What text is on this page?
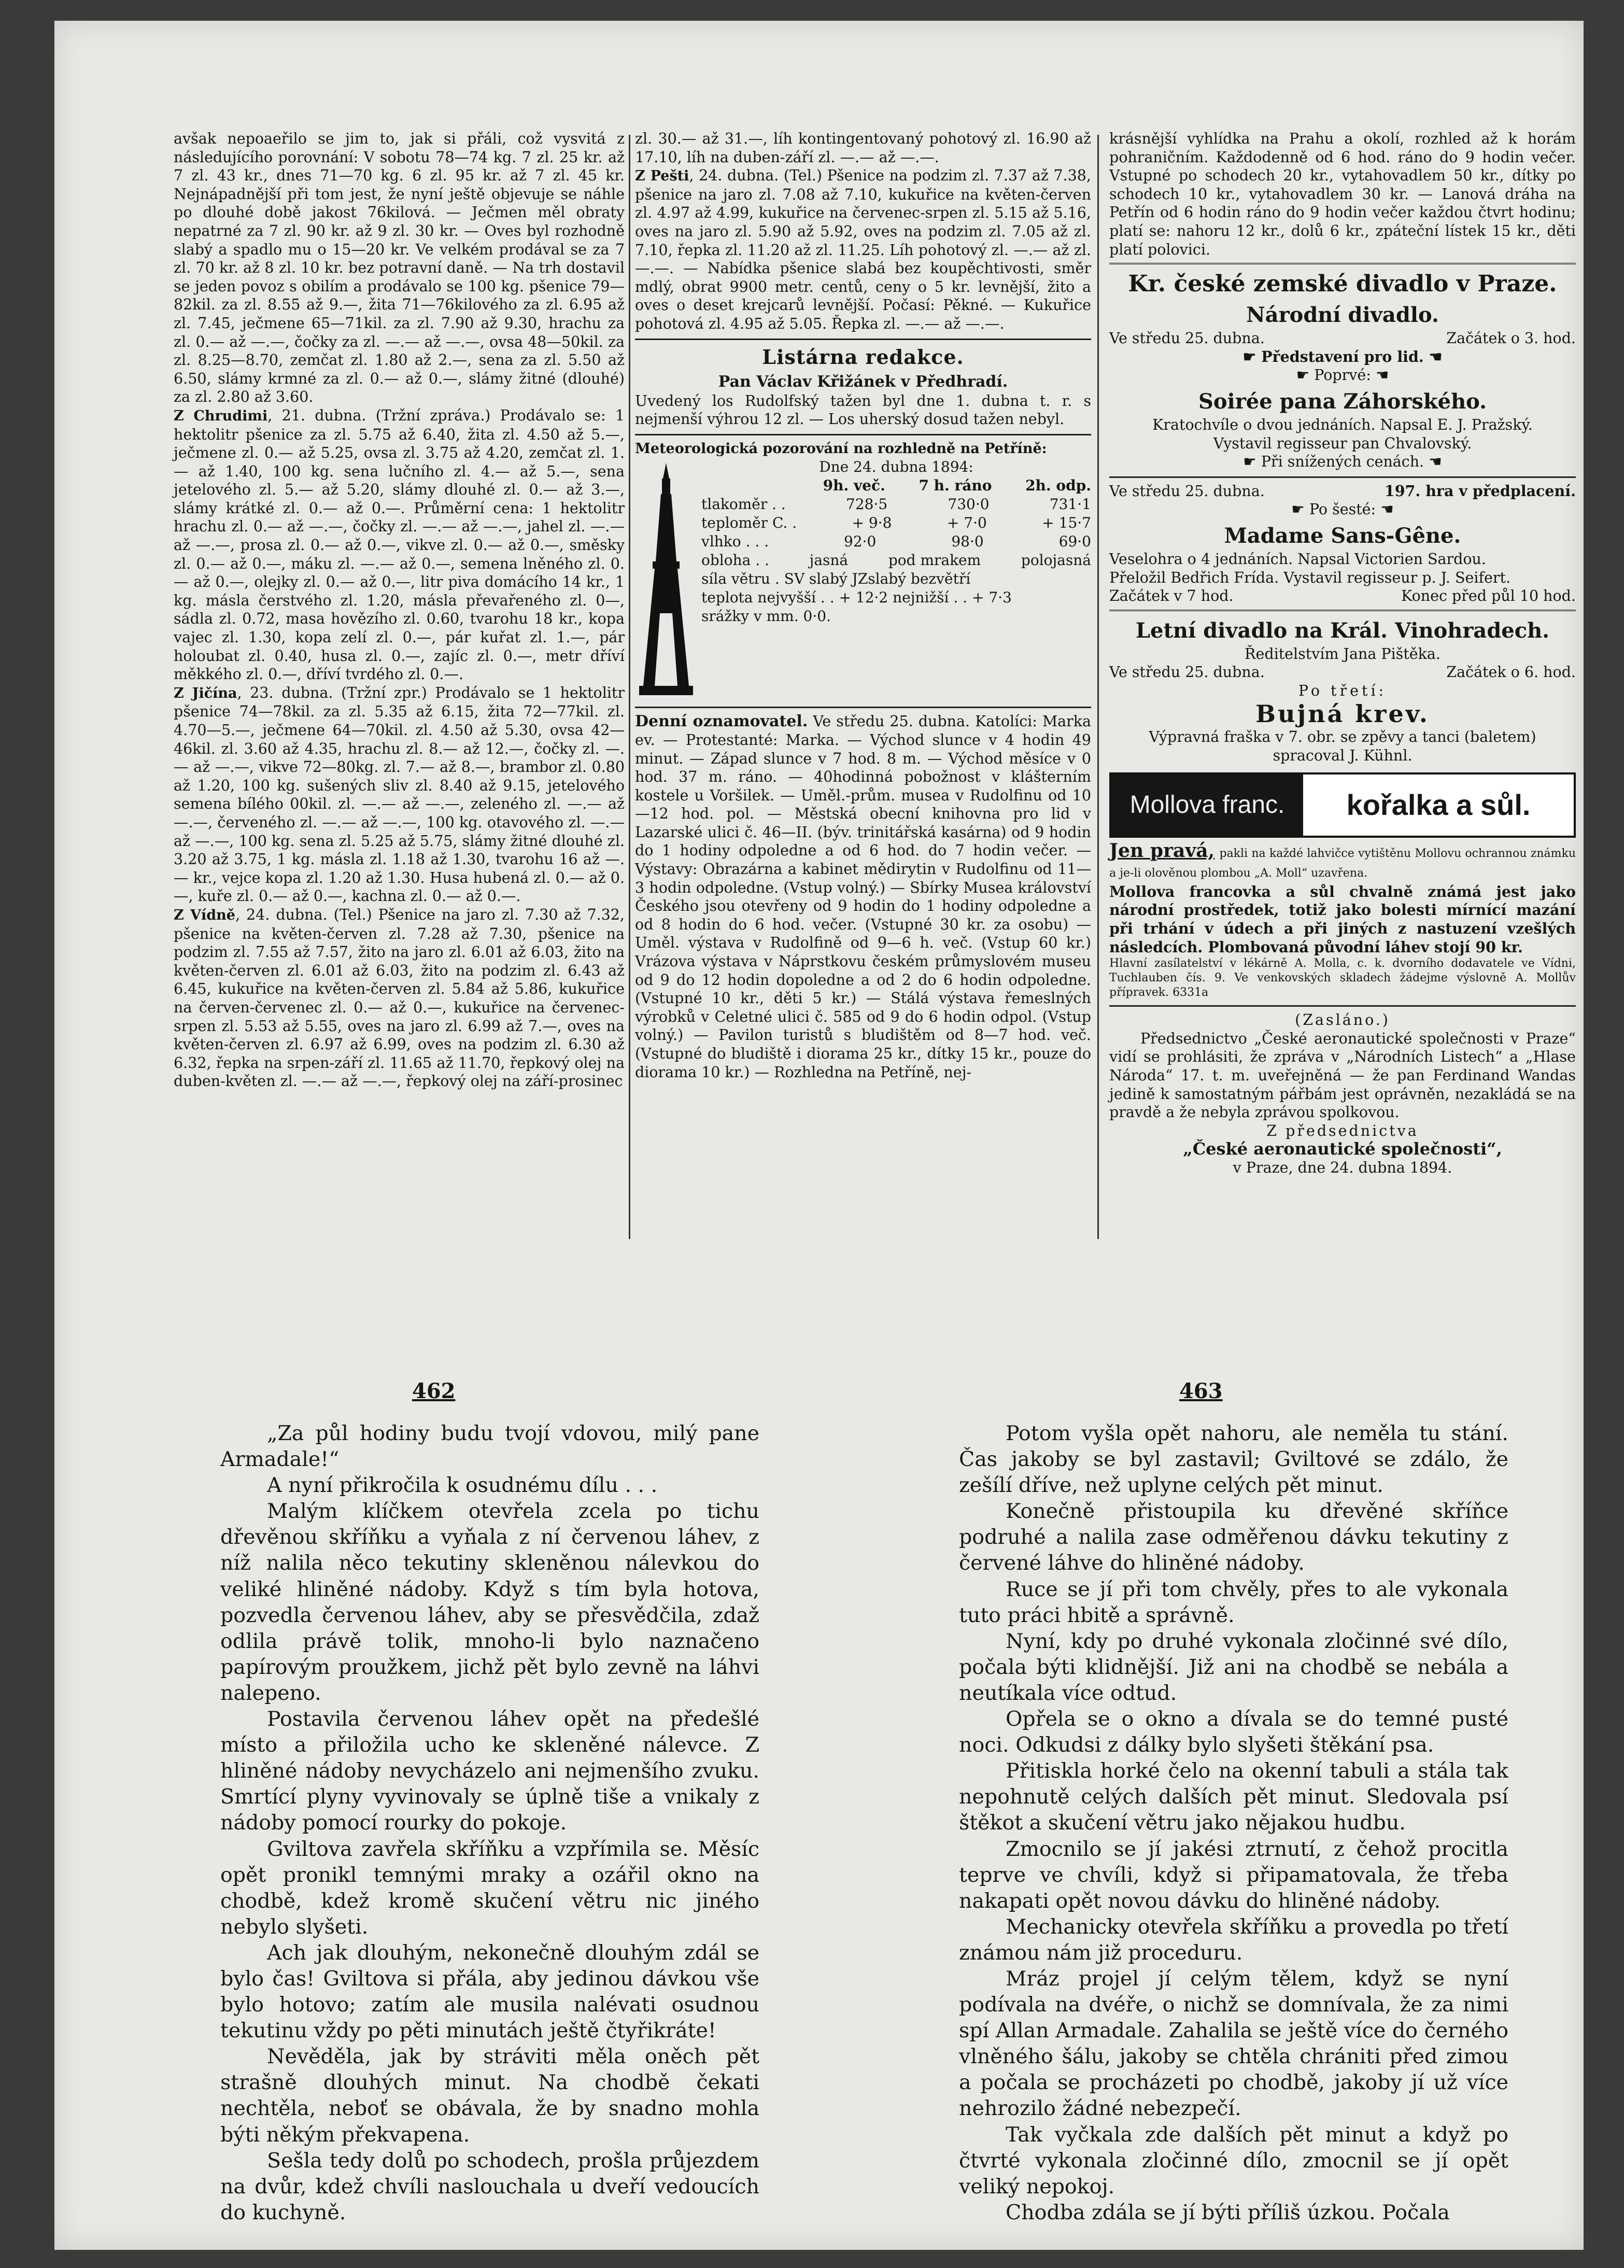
avšak nepoaeřilo se jim to, jak si přáli, což vysvitá z následujícího porovnání: V sobotu 78—74 kg. 7 zl. 25 kr. až 7 zl. 43 kr., dnes 71—70 kg. 6 zl. 95 kr. až 7 zl. 45 kr. Nejnápadnější při tom jest, že nyní ještě objevuje se náhle po dlouhé době jakost 76kilová. — Ječmen měl obraty nepatrné za 7 zl. 90 kr. až 9 zl. 30 kr. — Oves byl rozhodně slabý a spadlo mu o 15—20 kr. Ve velkém prodával se za 7 zl. 70 kr. až 8 zl. 10 kr. bez potravní daně. — Na trh dostavil se jeden povoz s obilím a prodávalo se 100 kg. pšenice 79—82kil. za zl. 8.55 až 9.—, žita 71—76kilového za zl. 6.95 až zl. 7.45, ječmene 65—71kil. za zl. 7.90 až 9.30, hrachu za zl. 0.— až —.—, čočky za zl. —.— až —.—, ovsa 48—50kil. za zl. 8.25—8.70, zemčat zl. 1.80 až 2.—, sena za zl. 5.50 až 6.50, slámy krmné za zl. 0.— až 0.—, slámy žitné (dlouhé) za zl. 2.80 až 3.60.

Z Chrudimi, 21. dubna. (Tržní zpráva.) Prodávalo se: 1 hektolitr pšenice za zl. 5.75 až 6.40, žita zl. 4.50 až 5.—, ječmene zl. 0.— až 5.25, ovsa zl. 3.75 až 4.20, zemčat zl. 1.— až 1.40, 100 kg. sena lučního zl. 4.— až 5.—, sena jetelového zl. 5.— až 5.20, slámy dlouhé zl. 0.— až 3.—, slámy krátké zl. 0.— až 0.—. Průměrní cena: 1 hektolitr hrachu zl. 0.— až —.—, čočky zl. —.— až —.—, jahel zl. —.— až —.—, prosa zl. 0.— až 0.—, vikve zl. 0.— až 0.—, směsky zl. 0.— až 0.—, máku zl. —.— až 0.—, semena lněného zl. 0.— až 0.—, olejky zl. 0.— až 0.—, litr piva domácího 14 kr., 1 kg. másla čerstvého zl. 1.20, másla převařeného zl. 0—, sádla zl. 0.72, masa hovězího zl. 0.60, tvarohu 18 kr., kopa vajec zl. 1.30, kopa zelí zl. 0.—, pár kuřat zl. 1.—, pár holoubat zl. 0.40, husa zl. 0.—, zajíc zl. 0.—, metr dříví měkkého zl. 0.—, dříví tvrdého zl. 0.—.

Z Jičína, 23. dubna. (Tržní zpr.) Prodávalo se 1 hektolitr pšenice 74—78kil. za zl. 5.35 až 6.15, žita 72—77kil. zl. 4.70—5.—, ječmene 64—70kil. zl. 4.50 až 5.30, ovsa 42—46kil. zl. 3.60 až 4.35, hrachu zl. 8.— až 12.—, čočky zl. —.— až —.—, vikve 72—80kg. zl. 7.— až 8.—, brambor zl. 0.80 až 1.20, 100 kg. sušených sliv zl. 8.40 až 9.15, jetelového semena bílého 00kil. zl. —.— až —.—, zeleného zl. —.— až —.—, červeného zl. —.— až —.—, 100 kg. otavového zl. —.— až —.—, 100 kg. sena zl. 5.25 až 5.75, slámy žitné dlouhé zl. 3.20 až 3.75, 1 kg. másla zl. 1.18 až 1.30, tvarohu 16 až —.— kr., vejce kopa zl. 1.20 až 1.30. Husa hubená zl. 0.— až 0.—, kuře zl. 0.— až 0.—, kachna zl. 0.— až 0.—.

Z Vídně, 24. dubna. (Tel.) Pšenice na jaro zl. 7.30 až 7.32, pšenice na květen-červen zl. 7.28 až 7.30, pšenice na podzim zl. 7.55 až 7.57, žito na jaro zl. 6.01 až 6.03, žito na květen-červen zl. 6.01 až 6.03, žito na podzim zl. 6.43 až 6.45, kukuřice na květen-červen zl. 5.84 až 5.86, kukuřice na červen-červenec zl. 0.— až 0.—, kukuřice na červenec-srpen zl. 5.53 až 5.55, oves na jaro zl. 6.99 až 7.—, oves na květen-červen zl. 6.97 až 6.99, oves na podzim zl. 6.30 až 6.32, řepka na srpen-září zl. 11.65 až 11.70, řepkový olej na duben-květen zl. —.— až —.—, řepkový olej na září-prosinec

zl. 30.— až 31.—, líh kontingentovaný pohotový zl. 16.90 až 17.10, líh na duben-září zl. —.— až —.—.

Z Pešti, 24. dubna. (Tel.) Pšenice na podzim zl. 7.37 až 7.38, pšenice na jaro zl. 7.08 až 7.10, kukuřice na květen-červen zl. 4.97 až 4.99, kukuřice na červenec-srpen zl. 5.15 až 5.16, oves na jaro zl. 5.90 až 5.92, oves na podzim zl. 7.05 až zl. 7.10, řepka zl. 11.20 až zl. 11.25. Líh pohotový zl. —.— až zl. —.—. — Nabídka pšenice slabá bez koupěchtivosti, směr mdlý, obrat 9900 metr. centů, ceny o 5 kr. levnější, žito a oves o deset krejcarů levnější. Počasí: Pěkné. — Kukuřice pohotová zl. 4.95 až 5.05. Řepka zl. —.— až —.—.

Listárna redakce.
Pan Václav Křižánek v Předhradí.

Uvedený los Rudolfský tažen byl dne 1. dubna t. r. s nejmenší výhrou 12 zl. — Los uherský dosud tažen nebyl.

Meteorologická pozorování na rozhledně na Petříně:
Dne 24. dubna 1894:
9h. več. 7 h. ráno 2h. odp.
tlakoměr . .	728·5	730·0	731·1
teploměr C. .	+ 9·8	+ 7·0	+ 15·7
vlhko . . .	92·0	98·0	69·0
obloha . .	jasná	pod mrakem	polojasná
síla větru . SV slabý JZslabý bezvětří
teplota nejvyšší . . + 12·2 nejnižší . . + 7·3
srážky v mm. 0·0.

Denní oznamovatel. Ve středu 25. dubna. Katolíci: Marka ev. — Protestanté: Marka. — Východ slunce v 4 hodin 49 minut. — Západ slunce v 7 hod. 8 m. — Východ měsíce v 0 hod. 37 m. ráno. — 40hodinná pobožnost v klášterním kostele u Voršilek. — Uměl.-prům. musea v Rudolfinu od 10—12 hod. pol. — Městská obecní knihovna pro lid v Lazarské ulici č. 46—II. (býv. trinitářská kasárna) od 9 hodin do 1 hodiny odpoledne a od 6 hod. do 7 hodin večer. — Výstavy: Obrazárna a kabinet mědirytin v Rudolfinu od 11—3 hodin odpoledne. (Vstup volný.) — Sbírky Musea království Českého jsou otevřeny od 9 hodin do 1 hodiny odpoledne a od 8 hodin do 6 hod. večer. (Vstupné 30 kr. za osobu) — Uměl. výstava v Rudolfině od 9—6 h. več. (Vstup 60 kr.) Vrázova výstava v Náprstkovu českém průmyslovém museu od 9 do 12 hodin dopoledne a od 2 do 6 hodin odpoledne. (Vstupné 10 kr., děti 5 kr.) — Stálá výstava řemeslných výrobků v Celetné ulici č. 585 od 9 do 6 hodin odpol. (Vstup volný.) — Pavilon turistů s bludištěm od 8—7 hod. več. (Vstupné do bludiště i diorama 25 kr., dítky 15 kr., pouze do diorama 10 kr.) — Rozhledna na Petříně, nej-

krásnější vyhlídka na Prahu a okolí, rozhled až k horám pohraničním. Každodenně od 6 hod. ráno do 9 hodin večer. Vstupné po schodech 20 kr., vytahovadlem 50 kr., dítky po schodech 10 kr., vytahovadlem 30 kr. — Lanová dráha na Petřín od 6 hodin ráno do 9 hodin večer každou čtvrt hodinu; platí se: nahoru 12 kr., dolů 6 kr., zpáteční lístek 15 kr., děti platí polovici.

Kr. české zemské divadlo v Praze.
Národní divadlo.
Ve středu 25. dubna.	Začátek o 3. hod.
☛ Představení pro lid. ☚
☛ Poprvé: ☚
Soirée pana Záhorského.
Kratochvíle o dvou jednáních. Napsal E. J. Pražský.
Vystavil regisseur pan Chvalovský.
☛ Při snížených cenách. ☚
Ve středu 25. dubna.	197. hra v předplacení.
☛ Po šesté: ☚
Madame Sans-Gêne.
Veselohra o 4 jednáních. Napsal Victorien Sardou.
Přeložil Bedřich Frída. Vystavil regisseur p. J. Seifert.
Začátek v 7 hod.	Konec před půl 10 hod.
Letní divadlo na Král. Vinohradech.
Ředitelstvím Jana Pištěka.
Ve středu 25. dubna.	Začátek o 6. hod.
Po třetí:
Bujná krev.
Výpravná fraška v 7. obr. se zpěvy a tanci (baletem)
spracoval J. Kühnl.
Mollova franc.	kořalka a sůl.

Jen pravá, pakli na každé lahvičce vytištěnu Mollovu ochrannou známku a je-li olověnou plombou „A. Moll“ uzavřena.

Mollova francovka a sůl chvalně známá jest jako národní prostředek, totiž jako bolesti mírnící mazání při trhání v údech a při jiných z nastuzení vzešlých následcích. Plombovaná původní láhev stojí 90 kr.

Hlavní zasílatelství v lékárně A. Molla, c. k. dvorního dodavatele ve Vídni, Tuchlauben čís. 9. Ve venkovských skladech žádejme výslovně A. Mollův přípravek. 6331a

(Zasláno.)

Předsednictvo „České aeronautické společnosti v Praze“ vidí se prohlásiti, že zpráva v „Národních Listech“ a „Hlase Národa“ 17. t. m. uveřejněná — že pan Ferdinand Wandas jedině k samostatným pářbám jest oprávněn, nezakládá se na pravdě a že nebyla zprávou spolkovou.

Z předsednictva
„České aeronautické společnosti“,
v Praze, dne 24. dubna 1894.
462	463

„Za půl hodiny budu tvojí vdovou, milý pane Armadale!“

A nyní přikročila k osudnému dílu . . .

Malým klíčkem otevřela zcela po tichu dřevěnou skříňku a vyňala z ní červenou láhev, z níž nalila něco tekutiny skleněnou nálevkou do veliké hliněné nádoby. Když s tím byla hotova, pozvedla červenou láhev, aby se přesvědčila, zdaž odlila právě tolik, mnoho-li bylo naznačeno papírovým proužkem, jichž pět bylo zevně na láhvi nalepeno.

Postavila červenou láhev opět na předešlé místo a přiložila ucho ke skleněné nálevce. Z hliněné nádoby nevycházelo ani nejmenšího zvuku. Smrtící plyny vyvinovaly se úplně tiše a vnikaly z nádoby pomocí rourky do pokoje.

Gviltova zavřela skříňku a vzpřímila se. Měsíc opět pronikl temnými mraky a ozářil okno na chodbě, kdež kromě skučení větru nic jiného nebylo slyšeti.

Ach jak dlouhým, nekonečně dlouhým zdál se bylo čas! Gviltova si přála, aby jedinou dávkou vše bylo hotovo; zatím ale musila nalévati osudnou tekutinu vždy po pěti minutách ještě čtyřikráte!

Nevěděla, jak by stráviti měla oněch pět strašně dlouhých minut. Na chodbě čekati nechtěla, neboť se obávala, že by snadno mohla býti někým překvapena.

Sešla tedy dolů po schodech, prošla průjezdem na dvůr, kdež chvíli naslouchala u dveří vedoucích do kuchyně.

Potom vyšla opět nahoru, ale neměla tu stání. Čas jakoby se byl zastavil; Gviltové se zdálo, že zešílí dříve, než uplyne celých pět minut.

Konečně přistoupila ku dřevěné skříňce podruhé a nalila zase odměřenou dávku tekutiny z červené láhve do hliněné nádoby.

Ruce se jí při tom chvěly, přes to ale vykonala tuto práci hbitě a správně.

Nyní, kdy po druhé vykonala zločinné své dílo, počala býti klidnější. Již ani na chodbě se nebála a neutíkala více odtud.

Opřela se o okno a dívala se do temné pusté noci. Odkudsi z dálky bylo slyšeti štěkání psa.

Přitiskla horké čelo na okenní tabuli a stála tak nepohnutě celých dalších pět minut. Sledovala psí štěkot a skučení větru jako nějakou hudbu.

Zmocnilo se jí jakési ztrnutí, z čehož procitla teprve ve chvíli, když si připamatovala, že třeba nakapati opět novou dávku do hliněné nádoby.

Mechanicky otevřela skříňku a provedla po třetí známou nám již proceduru.

Mráz projel jí celým tělem, když se nyní podívala na dvéře, o nichž se domnívala, že za nimi spí Allan Armadale. Zahalila se ještě více do černého vlněného šálu, jakoby se chtěla chrániti před zimou a počala se procházeti po chodbě, jakoby jí už více nehrozilo žádné nebezpečí.

Tak vyčkala zde dalších pět minut a když po čtvrté vykonala zločinné dílo, zmocnil se jí opět veliký nepokoj.

Chodba zdála se jí býti příliš úzkou. Počala
